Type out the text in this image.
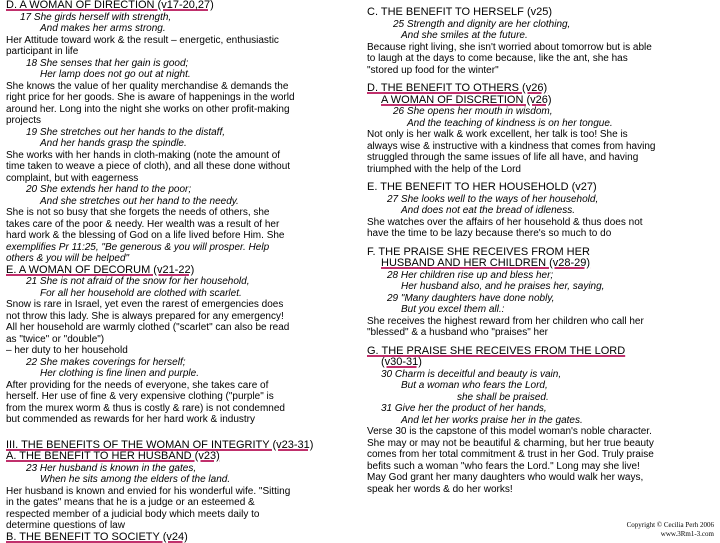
D. A WOMAN OF DIRECTION (v17-20,27)
17 She girds herself with strength,
And makes her arms strong.
Her Attitude toward work & the result – energetic, enthusiastic
participant in life
18 She senses that her gain is good;
Her lamp does not go out at night.
She knows the value of her quality merchandise & demands the
right price for her goods. She is aware of happenings in the world
around her. Long into the night she works on other profit-making
projects
19 She stretches out her hands to the distaff,
And her hands grasp the spindle.
She works with her hands in cloth-making (note the amount of
time taken to weave a piece of cloth), and all these done without
complaint, but with eagerness
20 She extends her hand to the poor;
And she stretches out her hand to the needy.
She is not so busy that she forgets the needs of others, she
takes care of the poor & needy. Her wealth was a result of her
hard work & the blessing of God on a life lived before Him. She
exemplifies Pr 11:25, "Be generous & you will prosper. Help
others & you will be helped"
E. A WOMAN OF DECORUM (v21-22)
21 She is not afraid of the snow for her household,
For all her household are clothed with scarlet.
Snow is rare in Israel, yet even the rarest of emergencies does
not throw this lady. She is always prepared for any emergency!
All her household are warmly clothed ("scarlet" can also be read
as "twice" or "double")
– her duty to her household
22 She makes coverings for herself;
Her clothing is fine linen and purple.
After providing for the needs of everyone, she takes care of
herself. Her use of fine & very expensive clothing ("purple" is
from the murex worm & thus is costly & rare) is not condemned
but commended as rewards for her hard work & industry
III. THE BENEFITS OF THE WOMAN OF INTEGRITY (v23-31)
A. THE BENEFIT TO HER HUSBAND (v23)
23 Her husband is known in the gates,
When he sits among the elders of the land.
Her husband is known and envied for his wonderful wife. "Sitting
in the gates" means that he is a judge or an esteemed &
respected member of a judicial body which meets daily to
determine questions of law
B. THE BENEFIT TO SOCIETY (v24)
C. THE BENEFIT TO HERSELF (v25)
25 Strength and dignity are her clothing,
And she smiles at the future.
Because right living, she isn't worried about tomorrow but is able
to laugh at the days to come because, like the ant, she has
"stored up food for the winter"
D. THE BENEFIT TO OTHERS (v26)
A WOMAN OF DISCRETION (v26)
26 She opens her mouth in wisdom,
And the teaching of kindness is on her tongue.
Not only is her walk & work excellent, her talk is too! She is
always wise & instructive with a kindness that comes from having
struggled through the same issues of life all have, and having
triumphed with the help of the Lord
E. THE BENEFIT TO HER HOUSEHOLD (v27)
27 She looks well to the ways of her household,
And does not eat the bread of idleness.
She watches over the affairs of her household & thus does not
have the time to be lazy because there's so much to do
F. THE PRAISE SHE RECEIVES FROM HER
HUSBAND AND HER CHILDREN (v28-29)
28 Her children rise up and bless her;
Her husband also, and he praises her, saying,
29 "Many daughters have done nobly,
But you excel them all.:
She receives the highest reward from her children who call her
"blessed" & a husband who "praises" her
G. THE PRAISE SHE RECEIVES FROM THE LORD
(v30-31)
30 Charm is deceitful and beauty is vain,
But a woman who fears the Lord,
she shall be praised.
31 Give her the product of her hands,
And let her works praise her in the gates.
Verse 30 is the capstone of this model woman's noble character.
She may or may not be beautiful & charming, but her true beauty
comes from her total commitment & trust in her God. Truly praise
befits such a woman "who fears the Lord." Long may she live!
May God grant her many daughters who would walk her ways,
speak her words & do her works!
Copyright © Cecilia Perh 2006
www.3Rm1-3.com
